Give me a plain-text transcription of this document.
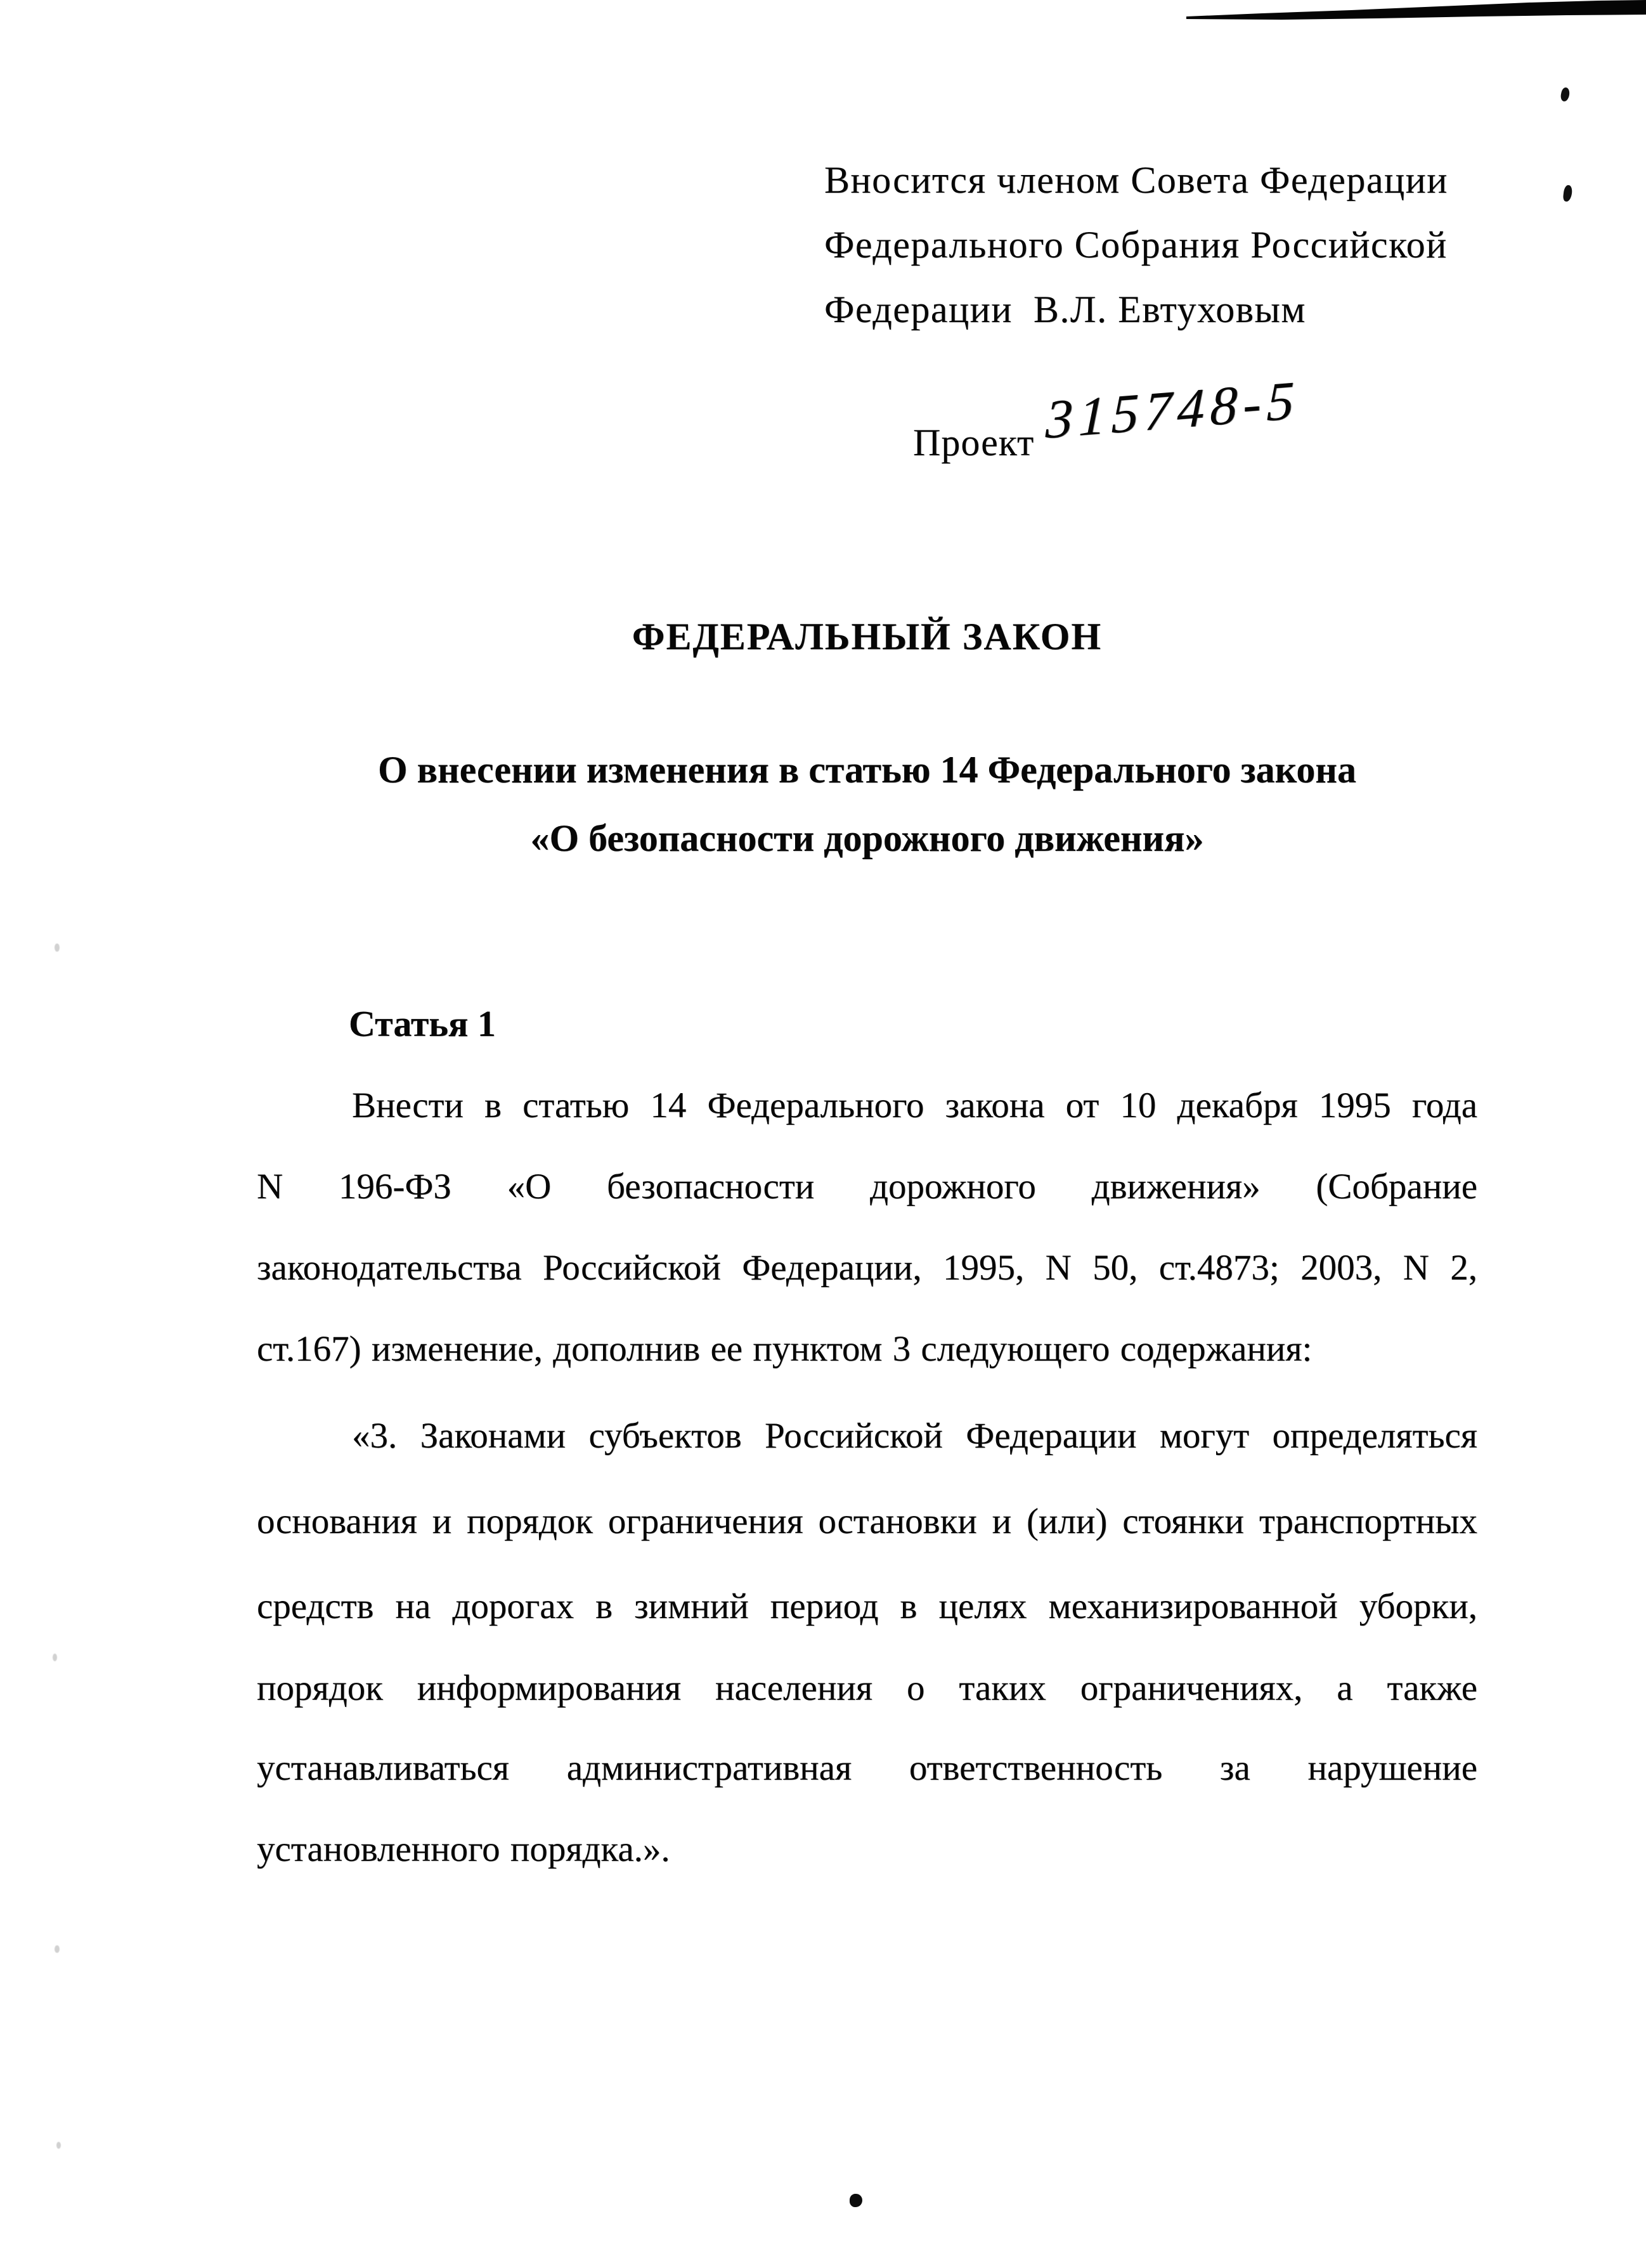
Вносится членом Совета Федерации
Федерального Собрания Российской
Федерации  В.Л. Евтуховым
Проект 315748-5
ФЕДЕРАЛЬНЫЙ ЗАКОН
О внесении изменения в статью 14 Федерального закона
«О безопасности дорожного движения»
Статья 1
Внести в статью 14 Федерального закона от 10 декабря 1995 года
N 196-ФЗ «О безопасности дорожного движения» (Собрание
законодательства Российской Федерации, 1995, N 50, ст.4873; 2003, N 2,
ст.167) изменение, дополнив ее пунктом 3 следующего содержания:
«3. Законами субъектов Российской Федерации могут определяться
основания и порядок ограничения остановки и (или) стоянки транспортных
средств на дорогах в зимний период в целях механизированной уборки,
порядок информирования населения о таких ограничениях, а также
устанавливаться административная ответственность за нарушение
установленного порядка.».
